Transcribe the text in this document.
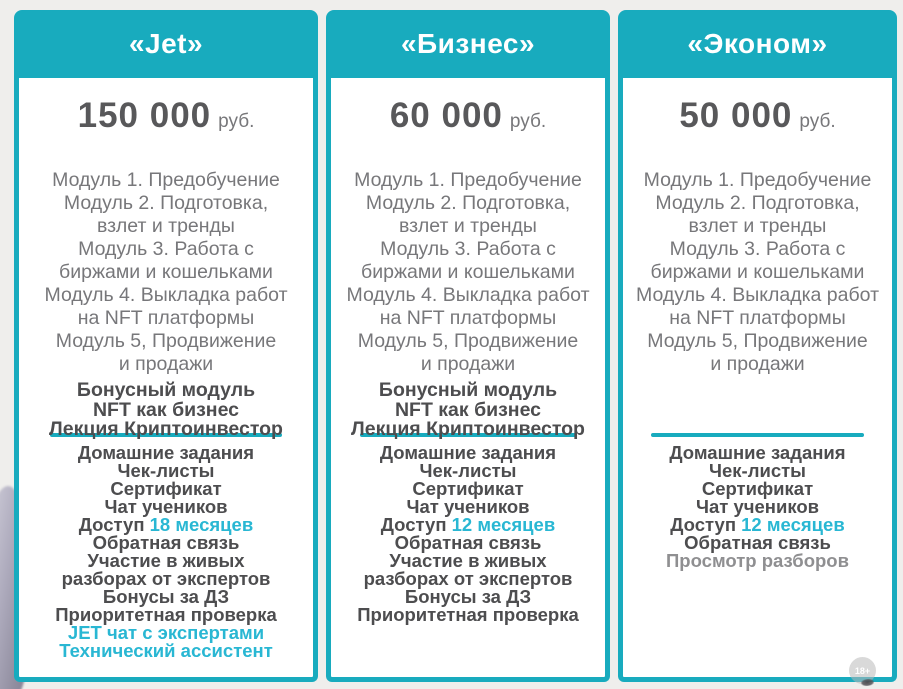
«Jet»
150 000 руб.
Модуль 1. Предобучение
Модуль 2. Подготовка,
взлет и тренды
Модуль 3. Работа с
биржами и кошельками
Модуль 4. Выкладка работ
на NFT платформы
Модуль 5, Продвижение
и продажи
Бонусный модуль
NFT как бизнес
Лекция Криптоинвестор
Домашние задания
Чек-листы
Сертификат
Чат учеников
Доступ 18 месяцев
Обратная связь
Участие в живых
разборах от экспертов
Бонусы за ДЗ
Приоритетная проверка
JET чат с экспертами
Технический ассистент
«Бизнес»
60 000 руб.
Модуль 1. Предобучение
Модуль 2. Подготовка,
взлет и тренды
Модуль 3. Работа с
биржами и кошельками
Модуль 4. Выкладка работ
на NFT платформы
Модуль 5, Продвижение
и продажи
Бонусный модуль
NFT как бизнес
Лекция Криптоинвестор
Домашние задания
Чек-листы
Сертификат
Чат учеников
Доступ 12 месяцев
Обратная связь
Участие в живых
разборах от экспертов
Бонусы за ДЗ
Приоритетная проверка
«Эконом»
50 000 руб.
Модуль 1. Предобучение
Модуль 2. Подготовка,
взлет и тренды
Модуль 3. Работа с
биржами и кошельками
Модуль 4. Выкладка работ
на NFT платформы
Модуль 5, Продвижение
и продажи
Домашние задания
Чек-листы
Сертификат
Чат учеников
Доступ 12 месяцев
Обратная связь
Просмотр разборов
18+
